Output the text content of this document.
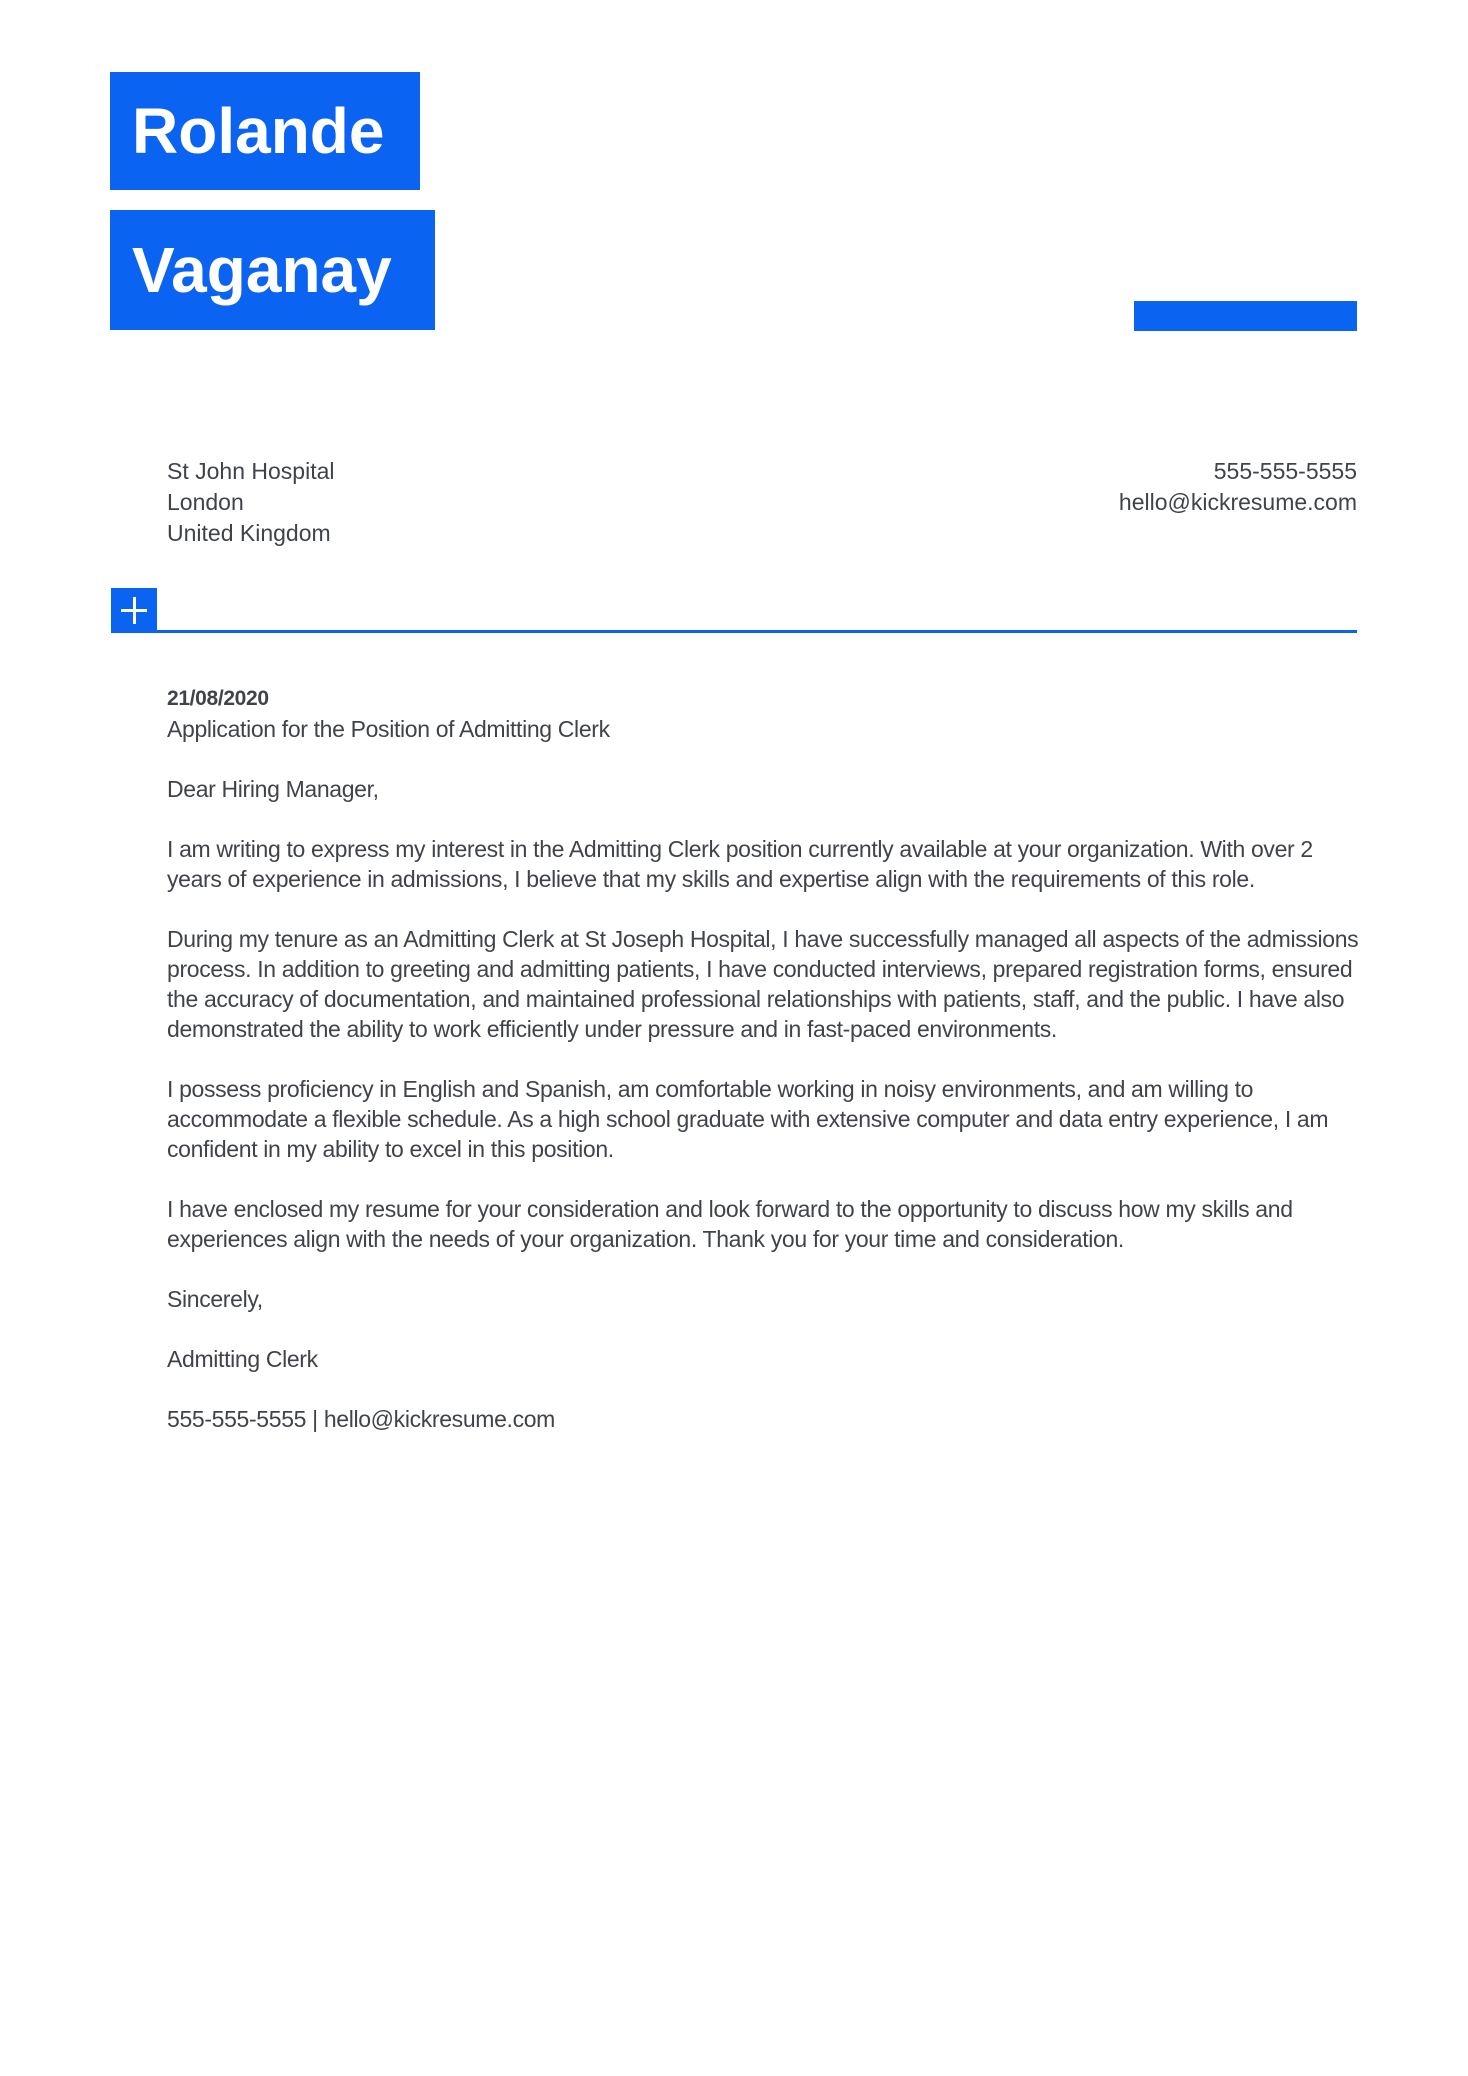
Rolande
Vaganay
St John Hospital
London
United Kingdom
555-555-5555
hello@kickresume.com
21/08/2020
Application for the Position of Admitting Clerk
Dear Hiring Manager,

I am writing to express my interest in the Admitting Clerk position currently available at your organization. With over 2 years of experience in admissions, I believe that my skills and expertise align with the requirements of this role.

During my tenure as an Admitting Clerk at St Joseph Hospital, I have successfully managed all aspects of the admissions process. In addition to greeting and admitting patients, I have conducted interviews, prepared registration forms, ensured the accuracy of documentation, and maintained professional relationships with patients, staff, and the public. I have also demonstrated the ability to work efficiently under pressure and in fast-paced environments.

I possess proficiency in English and Spanish, am comfortable working in noisy environments, and am willing to accommodate a flexible schedule. As a high school graduate with extensive computer and data entry experience, I am confident in my ability to excel in this position.

I have enclosed my resume for your consideration and look forward to the opportunity to discuss how my skills and experiences align with the needs of your organization. Thank you for your time and consideration.

Sincerely,
Admitting Clerk
555-555-5555 | hello@kickresume.com
